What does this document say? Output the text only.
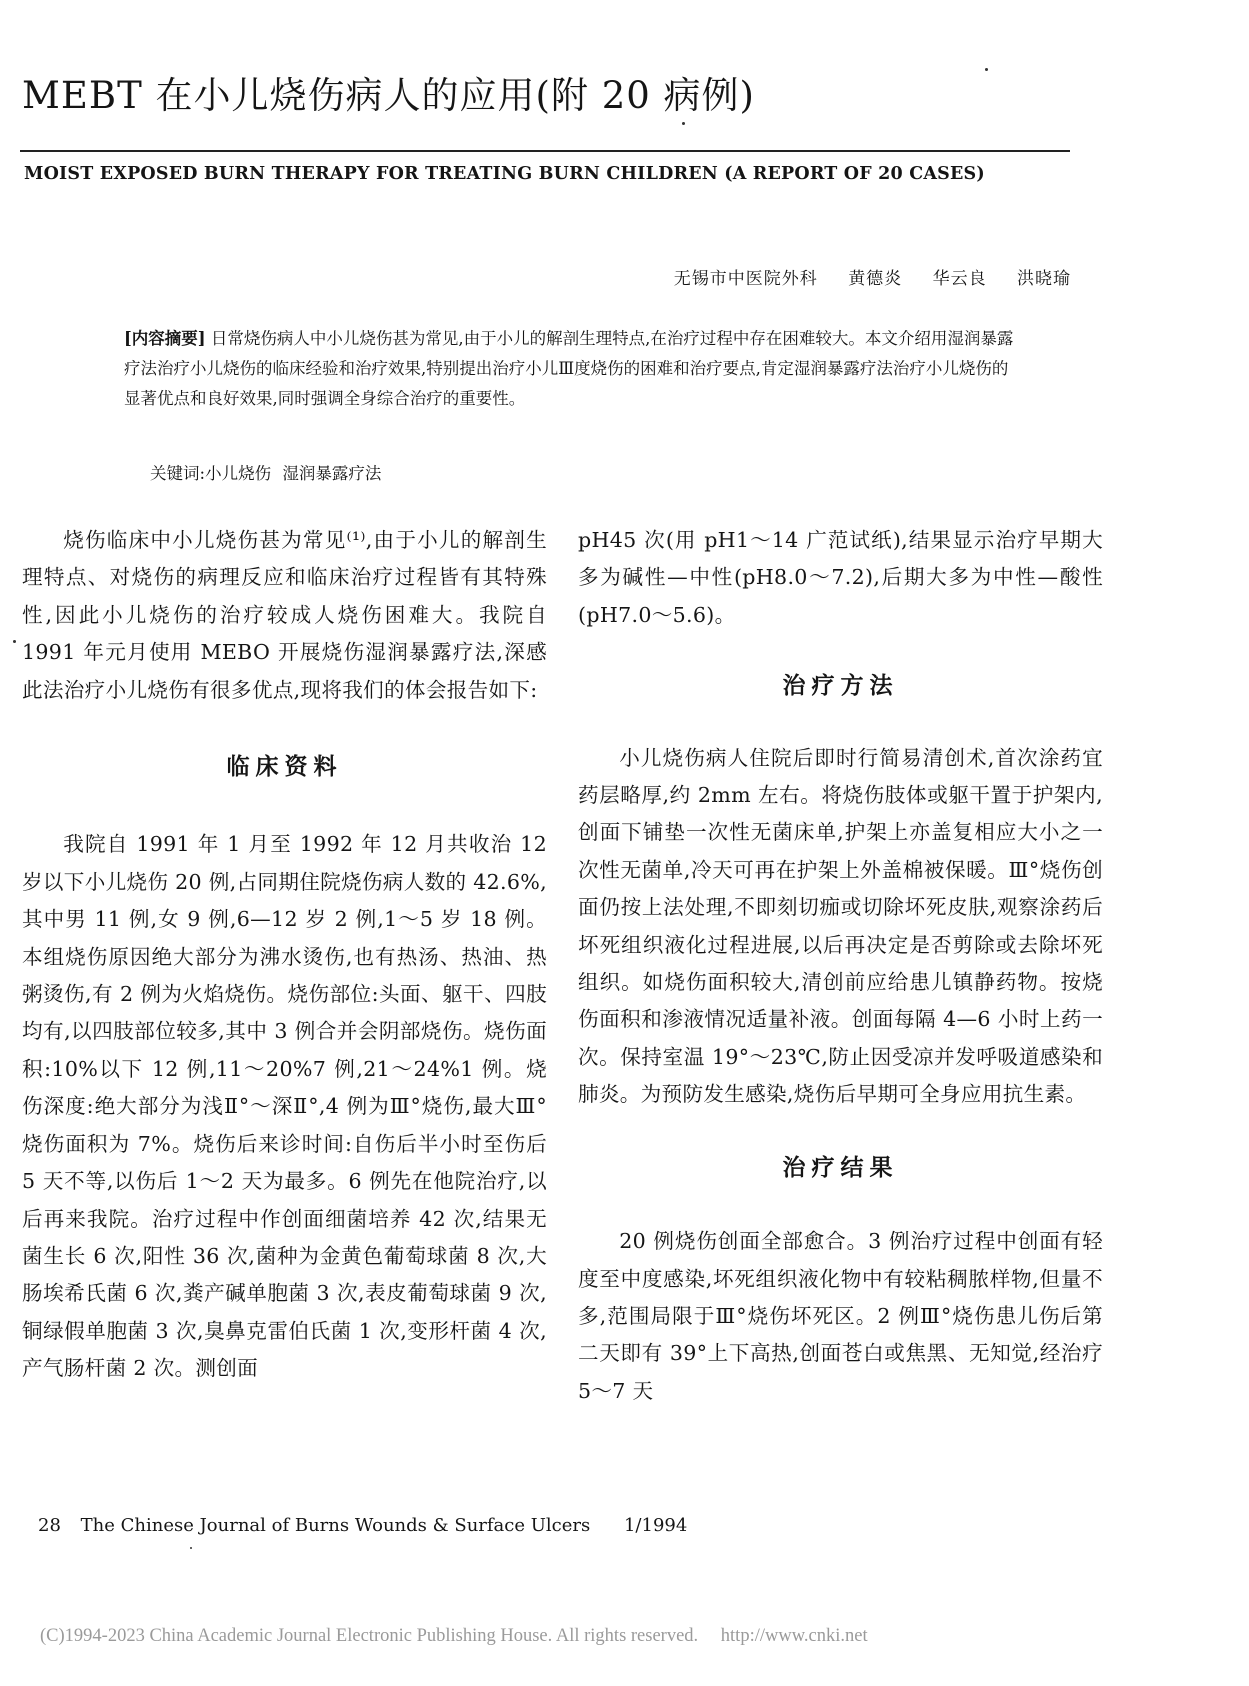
MEBT 在小儿烧伤病人的应用(附 20 病例)
MOIST EXPOSED BURN THERAPY FOR TREATING BURN CHILDREN (A REPORT OF 20 CASES)
无锡市中医院外科 黄德炎 华云良 洪晓瑜
[内容摘要] 日常烧伤病人中小儿烧伤甚为常见,由于小儿的解剖生理特点,在治疗过程中存在困难较大。本文介绍用湿润暴露疗法治疗小儿烧伤的临床经验和治疗效果,特别提出治疗小儿Ⅲ度烧伤的困难和治疗要点,肯定湿润暴露疗法治疗小儿烧伤的显著优点和良好效果,同时强调全身综合治疗的重要性。
关键词:小儿烧伤 湿润暴露疗法

烧伤临床中小儿烧伤甚为常见⁽¹⁾,由于小儿的解剖生理特点、对烧伤的病理反应和临床治疗过程皆有其特殊性,因此小儿烧伤的治疗较成人烧伤困难大。我院自 1991 年元月使用 MEBO 开展烧伤湿润暴露疗法,深感此法治疗小儿烧伤有很多优点,现将我们的体会报告如下:

临床资料

我院自 1991 年 1 月至 1992 年 12 月共收治 12 岁以下小儿烧伤 20 例,占同期住院烧伤病人数的 42.6%,其中男 11 例,女 9 例,6—12 岁 2 例,1～5 岁 18 例。本组烧伤原因绝大部分为沸水烫伤,也有热汤、热油、热粥烫伤,有 2 例为火焰烧伤。烧伤部位:头面、躯干、四肢均有,以四肢部位较多,其中 3 例合并会阴部烧伤。烧伤面积:10%以下 12 例,11～20%7 例,21～24%1 例。烧伤深度:绝大部分为浅Ⅱ°～深Ⅱ°,4 例为Ⅲ°烧伤,最大Ⅲ°烧伤面积为 7%。烧伤后来诊时间:自伤后半小时至伤后 5 天不等,以伤后 1～2 天为最多。6 例先在他院治疗,以后再来我院。治疗过程中作创面细菌培养 42 次,结果无菌生长 6 次,阳性 36 次,菌种为金黄色葡萄球菌 8 次,大肠埃希氏菌 6 次,粪产碱单胞菌 3 次,表皮葡萄球菌 9 次,铜绿假单胞菌 3 次,臭鼻克雷伯氏菌 1 次,变形杆菌 4 次,产气肠杆菌 2 次。测创面

pH45 次(用 pH1～14 广范试纸),结果显示治疗早期大多为碱性—中性(pH8.0～7.2),后期大多为中性—酸性(pH7.0～5.6)。

治疗方法

小儿烧伤病人住院后即时行简易清创术,首次涂药宜药层略厚,约 2mm 左右。将烧伤肢体或躯干置于护架内,创面下铺垫一次性无菌床单,护架上亦盖复相应大小之一次性无菌单,冷天可再在护架上外盖棉被保暖。Ⅲ°烧伤创面仍按上法处理,不即刻切痂或切除坏死皮肤,观察涂药后坏死组织液化过程进展,以后再决定是否剪除或去除坏死组织。如烧伤面积较大,清创前应给患儿镇静药物。按烧伤面积和渗液情况适量补液。创面每隔 4—6 小时上药一次。保持室温 19°～23℃,防止因受凉并发呼吸道感染和肺炎。为预防发生感染,烧伤后早期可全身应用抗生素。

治疗结果

20 例烧伤创面全部愈合。3 例治疗过程中创面有轻度至中度感染,坏死组织液化物中有较粘稠脓样物,但量不多,范围局限于Ⅲ°烧伤坏死区。2 例Ⅲ°烧伤患儿伤后第二天即有 39°上下高热,创面苍白或焦黑、无知觉,经治疗 5～7 天

28 The Chinese Journal of Burns Wounds & Surface Ulcers 1/1994
(C)1994-2023 China Academic Journal Electronic Publishing House. All rights reserved. http://www.cnki.net
